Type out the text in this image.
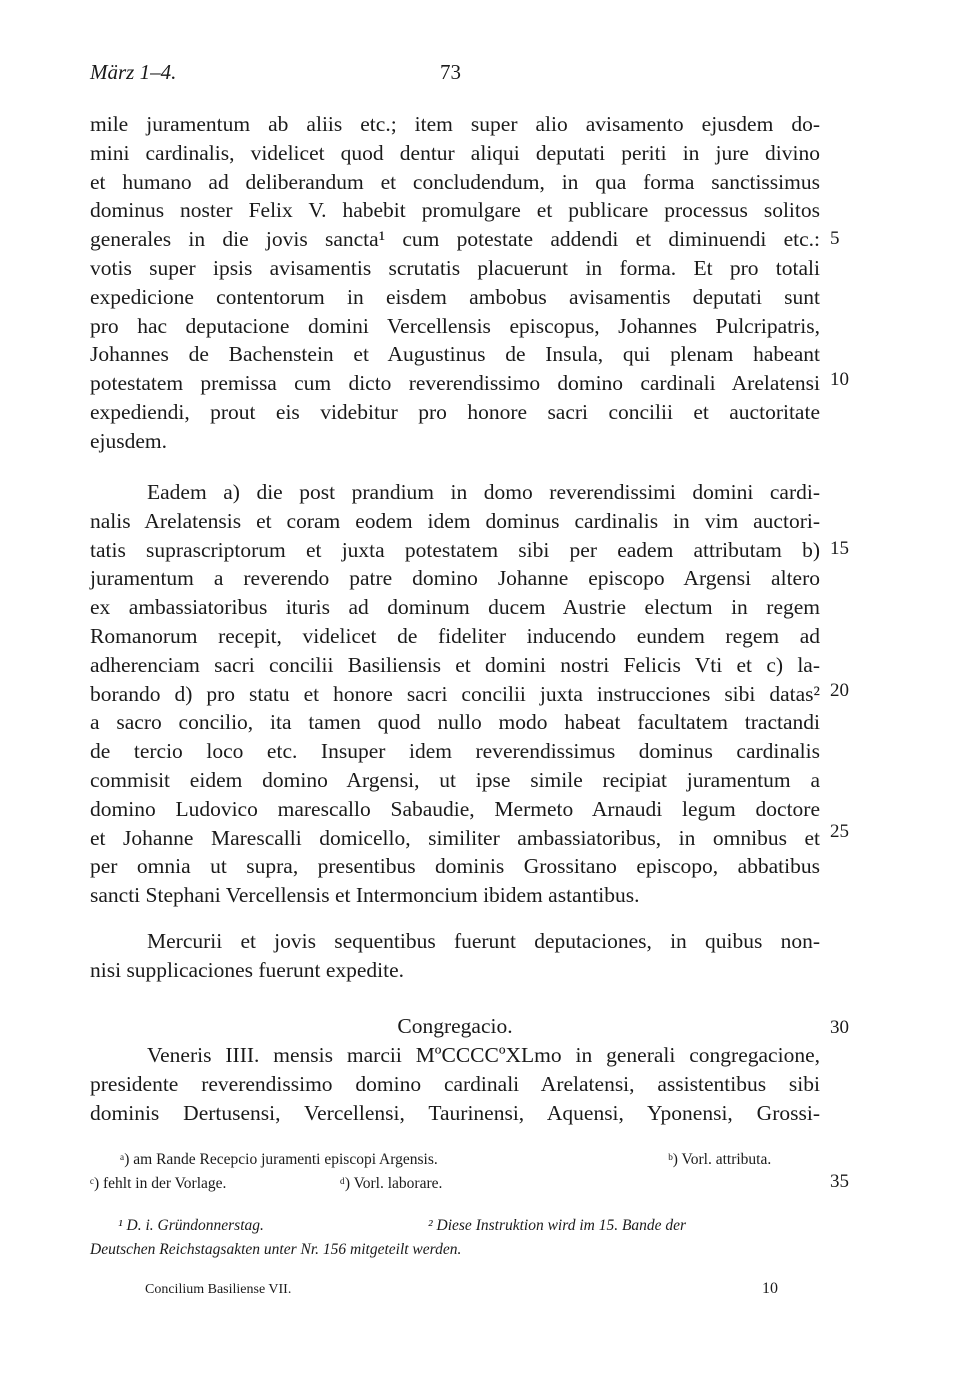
März 1–4.	73
mile juramentum ab aliis etc.; item super alio avisamento ejusdem do-
mini cardinalis, videlicet quod dentur aliqui deputati periti in jure divino
et humano ad deliberandum et concludendum, in qua forma sanctissimus
dominus noster Felix V. habebit promulgare et publicare processus solitos
generales in die jovis sancta¹ cum potestate addendi et diminuendi etc.:
votis super ipsis avisamentis scrutatis placuerunt in forma. Et pro totali
expedicione contentorum in eisdem ambobus avisamentis deputati sunt
pro hac deputacione domini Vercellensis episcopus, Johannes Pulcripatris,
Johannes de Bachenstein et Augustinus de Insula, qui plenam habeant
potestatem premissa cum dicto reverendissimo domino cardinali Arelatensi
expediendi, prout eis videbitur pro honore sacri concilii et auctoritate
ejusdem.
Eadem a) die post prandium in domo reverendissimi domini cardi-
nalis Arelatensis et coram eodem idem dominus cardinalis in vim auctori-
tatis suprascriptorum et juxta potestatem sibi per eadem attributam b)
juramentum a reverendo patre domino Johanne episcopo Argensi altero
ex ambassiatoribus ituris ad dominum ducem Austrie electum in regem
Romanorum recepit, videlicet de fideliter inducendo eundem regem ad
adherenciam sacri concilii Basiliensis et domini nostri Felicis Vti et c) la-
borando d) pro statu et honore sacri concilii juxta instrucciones sibi datas²
a sacro concilio, ita tamen quod nullo modo habeat facultatem tractandi
de tercio loco etc. Insuper idem reverendissimus dominus cardinalis
commisit eidem domino Argensi, ut ipse simile recipiat juramentum a
domino Ludovico marescallo Sabaudie, Mermeto Arnaudi legum doctore
et Johanne Marescalli domicello, similiter ambassiatoribus, in omnibus et
per omnia ut supra, presentibus dominis Grossitano episcopo, abbatibus
sancti Stephani Vercellensis et Intermoncium ibidem astantibus.
Mercurii et jovis sequentibus fuerunt deputaciones, in quibus non-
nisi supplicaciones fuerunt expedite.
Congregacio.
Veneris IIII. mensis marcii MºCCCCºXLmo in generali congregacione,
presidente reverendissimo domino cardinali Arelatensi, assistentibus sibi
dominis Dertusensi, Vercellensi, Taurinensi, Aquensi, Yponensi, Grossi-
5
10
15
20
25
30
35
ᵃ) am Rande Recepcio juramenti episcopi Argensis.	ᵇ) Vorl. attributa.
ᶜ) fehlt in der Vorlage.	ᵈ) Vorl. laborare.
¹ D. i. Gründonnerstag.	² Diese Instruktion wird im 15. Bande der
Deutschen Reichstagsakten unter Nr. 156 mitgeteilt werden.
Concilium Basiliense VII.	10
